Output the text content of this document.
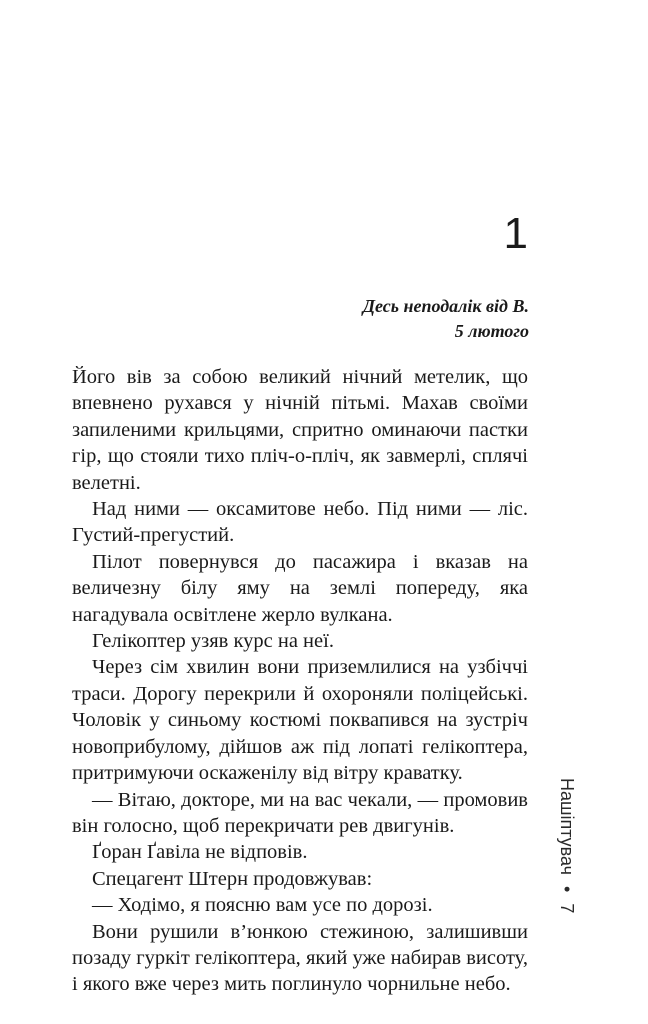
1
Десь неподалік від В.
5 лютого

Його вів за собою великий нічний метелик, що впевнено рухався у нічній пітьмі. Махав своїми запиленими крильцями, спритно оминаючи пастки гір, що стояли тихо пліч-о-пліч, як завмерлі, сплячі велетні.

Над ними — оксамитове небо. Під ними — ліс. Густий-прегустий.

Пілот повернувся до пасажира і вказав на величезну білу яму на землі попереду, яка нагадувала освітлене жерло вулкана.

Гелікоптер узяв курс на неї.

Через сім хвилин вони приземлилися на узбіччі траси. Дорогу перекрили й охороняли поліцейські. Чоловік у синьому костюмі поквапився на зустріч новоприбулому, дійшов аж під лопаті гелікоптера, притримуючи оскаженілу від вітру краватку.

— Вітаю, докторе, ми на вас чекали, — промовив він голосно, щоб перекричати рев двигунів.

Ґоран Ґавіла не відповів.

Спецагент Штерн продовжував:

— Ходімо, я поясню вам усе по дорозі.

Вони рушили в’юнкою стежиною, залишивши позаду гуркіт гелікоптера, який уже набирав висоту, і якого вже через мить поглинуло чорнильне небо.

Нашіптувач • 7
